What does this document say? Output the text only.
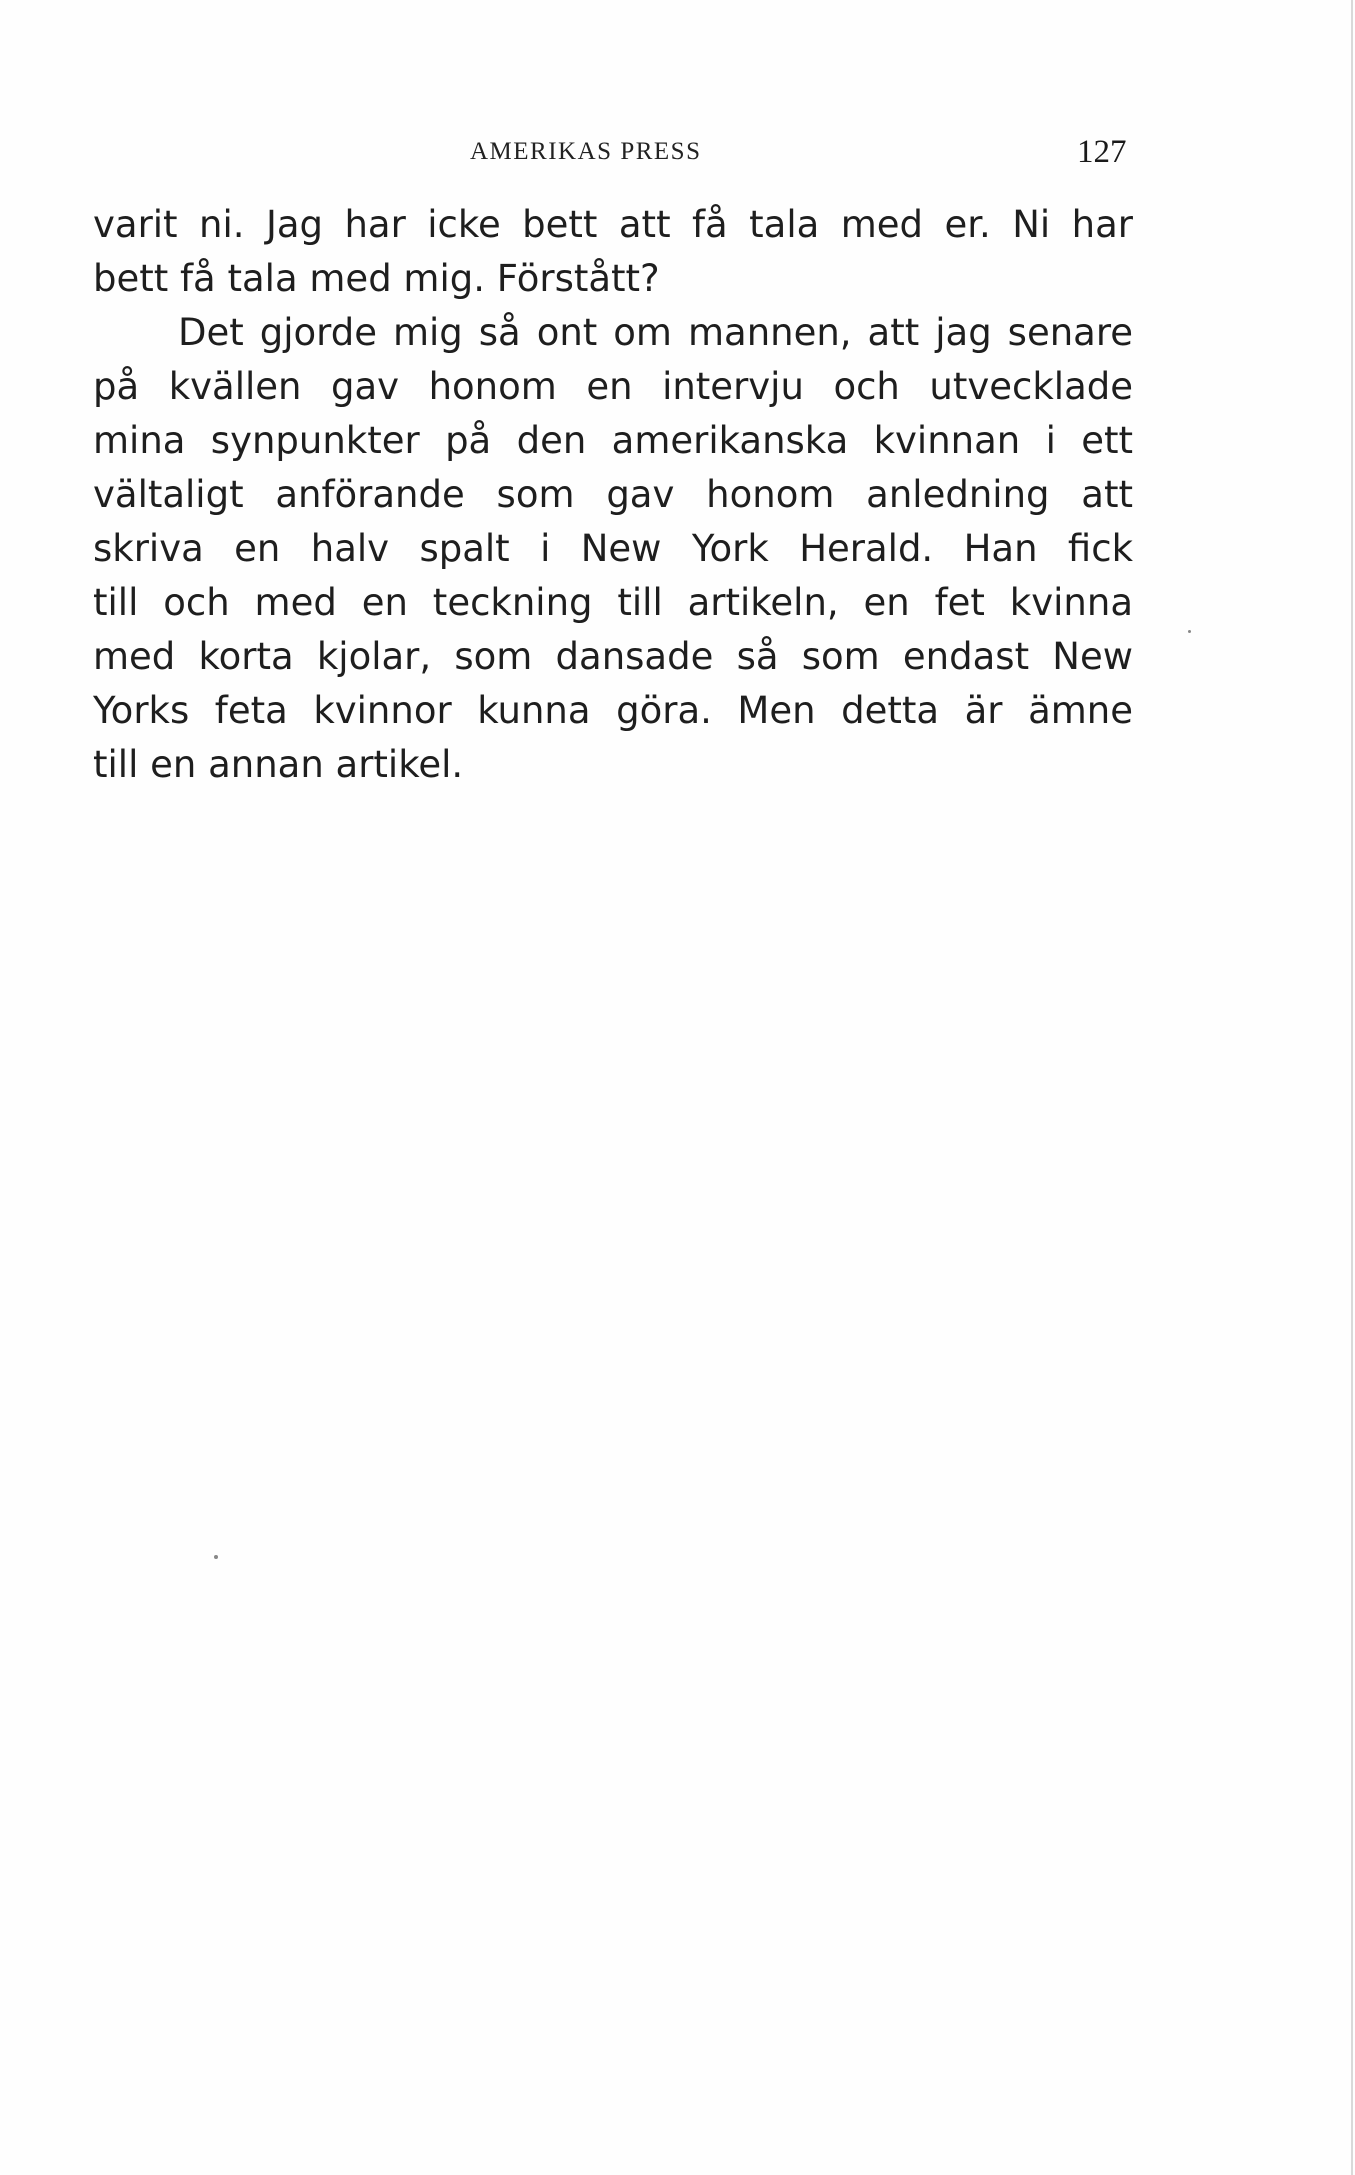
AMERIKAS PRESS	127
varit ni. Jag har icke bett att få tala med er. Ni har
bett få tala med mig. Förstått?
Det gjorde mig så ont om mannen, att jag senare
på kvällen gav honom en intervju och utvecklade
mina synpunkter på den amerikanska kvinnan i ett
vältaligt anförande som gav honom anledning att
skriva en halv spalt i New York Herald. Han fick
till och med en teckning till artikeln, en fet kvinna
med korta kjolar, som dansade så som endast New
Yorks feta kvinnor kunna göra. Men detta är ämne
till en annan artikel.
